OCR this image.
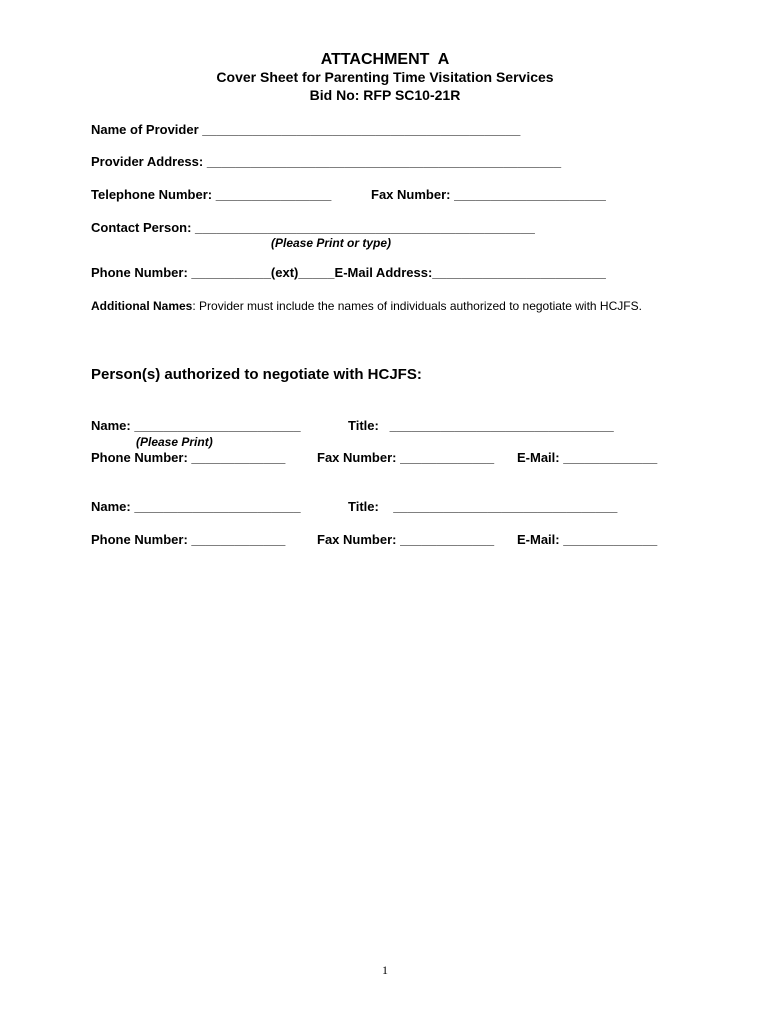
ATTACHMENT  A
Cover Sheet for Parenting Time Visitation Services
Bid No: RFP SC10-21R
Name of Provider ____________________________________________
Provider Address: _________________________________________________
Telephone Number: ________________	Fax Number: _____________________
Contact Person: _______________________________________________
(Please Print or type)
Phone Number: ___________(ext)_____E-Mail Address:________________________
Additional Names: Provider must include the names of individuals authorized to negotiate with HCJFS.
Person(s) authorized to negotiate with HCJFS:
Name: _______________________	Title:   _______________________________
(Please Print)
Phone Number: _____________ Fax Number: _____________ E-Mail: _____________
Name: _______________________	Title:    _______________________________
Phone Number: _____________ Fax Number: _____________ E-Mail: _____________
1
